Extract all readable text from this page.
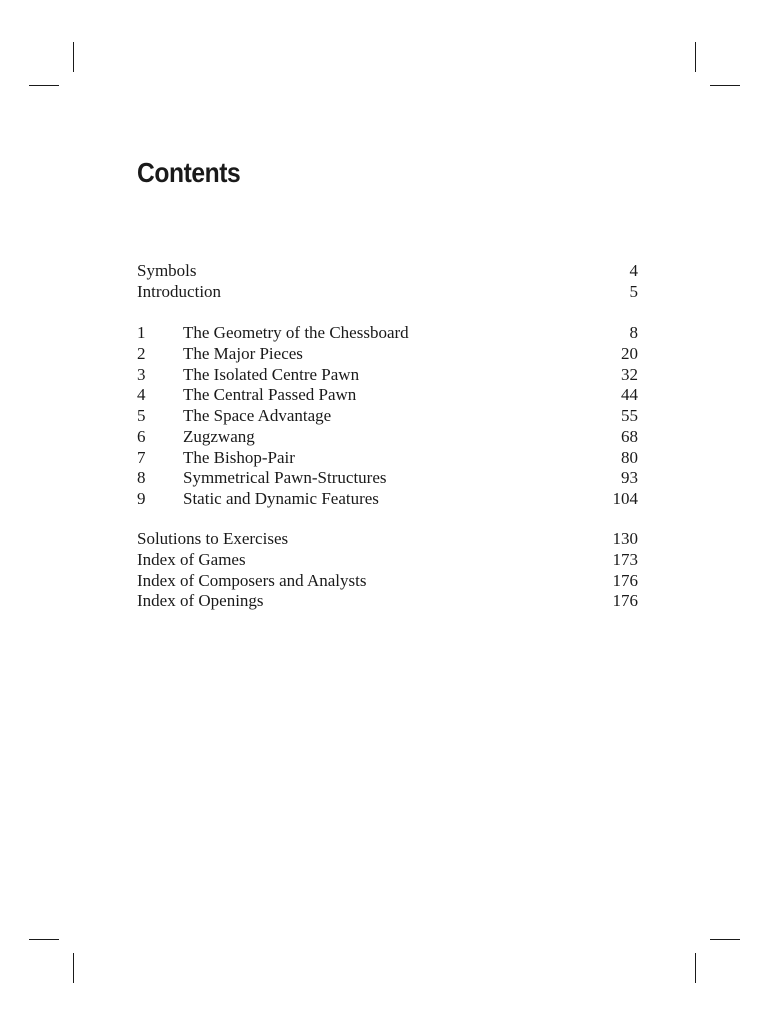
Contents
Symbols	4
Introduction	5
1 The Geometry of the Chessboard	8
2 The Major Pieces	20
3 The Isolated Centre Pawn	32
4 The Central Passed Pawn	44
5 The Space Advantage	55
6 Zugzwang	68
7 The Bishop-Pair	80
8 Symmetrical Pawn-Structures	93
9 Static and Dynamic Features	104
Solutions to Exercises	130
Index of Games	173
Index of Composers and Analysts	176
Index of Openings	176
